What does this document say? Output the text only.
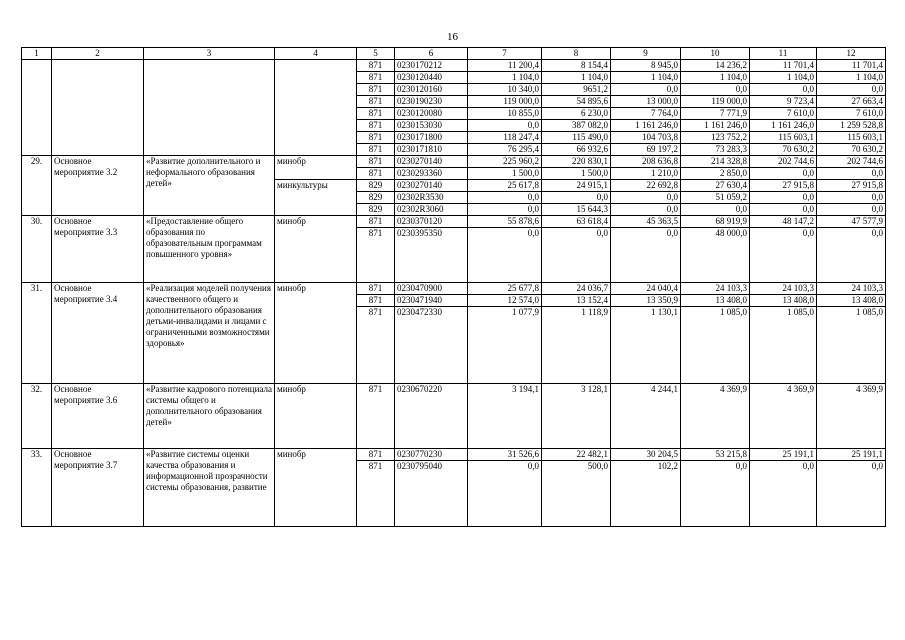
16
1	2	3	4	5	6	7	8	9	10	11	12
				871	0230170212	11 200,4	8 154,4	8 945,0	14 236,2	11 701,4	11 701,4
				871	0230120440	1 104,0	1 104,0	1 104,0	1 104,0	1 104,0	1 104,0
				871	0230120160	10 340,0	9651,2	0,0	0,0	0,0	0,0
				871	0230190230	119 000,0	54 895,6	13 000,0	119 000,0	9 723,4	27 663,4
				871	0230120080	10 855,0	6 230,0	7 764,0	7 771,9	7 610,0	7 610,0
				871	0230153030	0,0	387 082,0	1 161 246,0	1 161 246,0	1 161 246,0	1 259 528,8
				871	0230171800	118 247,4	115 490,0	104 703,8	123 752,2	115 603,1	115 603,1
				871	0230171810	76 295,4	66 932,6	69 197,2	73 283,3	70 630,2	70 630,2
29.	Основное мероприятие 3.2	«Развитие дополнительного и неформального образования детей»	минобр	871	0230270140	225 960,2	220 830,1	208 636,8	214 328,8	202 744,6	202 744,6
				871	0230293360	1 500,0	1 500,0	1 210,0	2 850,0	0,0	0,0
			минкультуры	829	0230270140	25 617,8	24 915,1	22 692,8	27 630,4	27 915,8	27 915,8
				829	02302R3530	0,0	0,0	0,0	51 059,2	0,0	0,0
				829	02302R3060	0,0	15 644,3	0,0	0,0	0,0	0,0
30.	Основное мероприятие 3.3	«Предоставление общего образования по образовательным программам повышенного уровня»	минобр	871	0230370120	55 878,6	63 618,4	45 363,5	68 919,9	48 147,2	47 577,9
				871	0230395350	0,0	0,0	0,0	48 000,0	0,0	0,0
31.	Основное мероприятие 3.4	«Реализация моделей получения качественного общего и дополнительного образования детьми-инвалидами и лицами с ограниченными возможностями здоровья»	минобр	871	0230470900	25 677,8	24 036,7	24 040,4	24 103,3	24 103,3	24 103,3
				871	0230471940	12 574,0	13 152,4	13 350,9	13 408,0	13 408,0	13 408,0
				871	0230472330	1 077,9	1 118,9	1 130,1	1 085,0	1 085,0	1 085,0
32.	Основное мероприятие 3.6	«Развитие кадрового потенциала системы общего и дополнительного образования детей»	минобр	871	0230670220	3 194,1	3 128,1	4 244,1	4 369,9	4 369,9	4 369,9
33.	Основное мероприятие 3.7	«Развитие системы оценки качества образования и информационной прозрачности системы образования, развитие	минобр	871	0230770230	31 526,6	22 482,1	30 204,5	53 215,8	25 191,1	25 191,1
				871	0230795040	0,0	500,0	102,2	0,0	0,0	0,0
